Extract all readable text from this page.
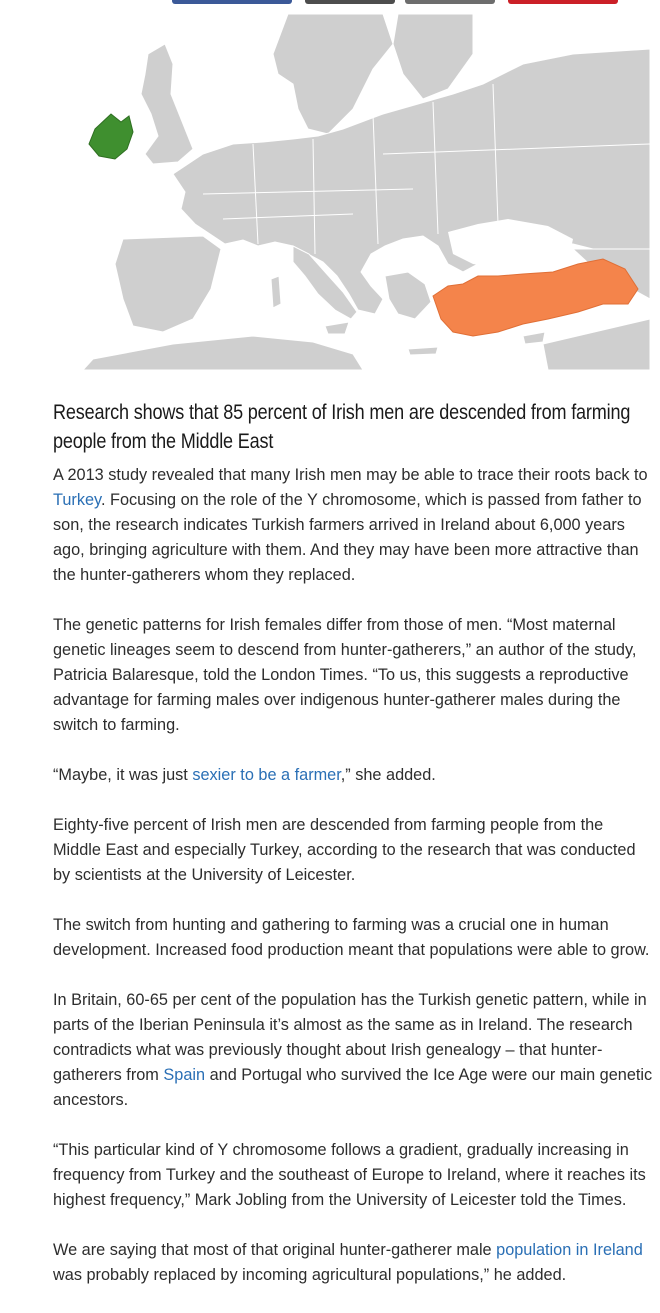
Research shows that 85 percent of Irish men are descended from farming people from the Middle East

A 2013 study revealed that many Irish men may be able to trace their roots back to Turkey. Focusing on the role of the Y chromosome, which is passed from father to son, the research indicates Turkish farmers arrived in Ireland about 6,000 years ago, bringing agriculture with them. And they may have been more attractive than the hunter-gatherers whom they replaced.

The genetic patterns for Irish females differ from those of men. “Most maternal genetic lineages seem to descend from hunter-gatherers,” an author of the study, Patricia Balaresque, told the London Times. “To us, this suggests a reproductive advantage for farming males over indigenous hunter-gatherer males during the switch to farming.

“Maybe, it was just sexier to be a farmer,” she added.

Eighty-five percent of Irish men are descended from farming people from the Middle East and especially Turkey, according to the research that was conducted by scientists at the University of Leicester.

The switch from hunting and gathering to farming was a crucial one in human development. Increased food production meant that populations were able to grow.

In Britain, 60-65 per cent of the population has the Turkish genetic pattern, while in parts of the Iberian Peninsula it’s almost as the same as in Ireland. The research contradicts what was previously thought about Irish genealogy – that hunter-gatherers from Spain and Portugal who survived the Ice Age were our main genetic ancestors.

“This particular kind of Y chromosome follows a gradient, gradually increasing in frequency from Turkey and the southeast of Europe to Ireland, where it reaches its highest frequency,” Mark Jobling from the University of Leicester told the Times.

We are saying that most of that original hunter-gatherer male population in Ireland was probably replaced by incoming agricultural populations,” he added.
